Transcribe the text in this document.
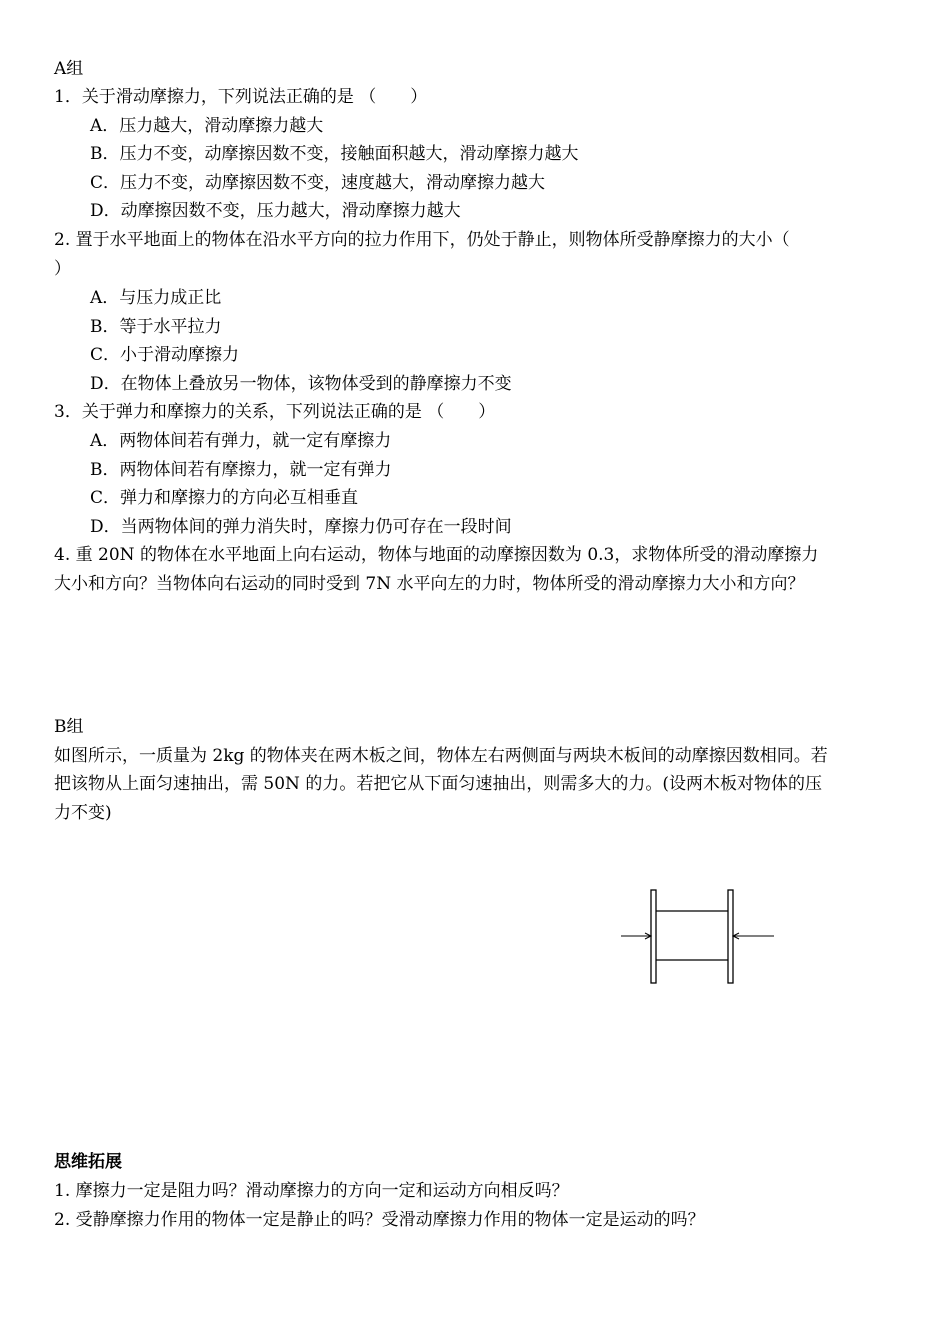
A组
1．关于滑动摩擦力，下列说法正确的是 （　　）
A．压力越大，滑动摩擦力越大
B．压力不变，动摩擦因数不变，接触面积越大，滑动摩擦力越大
C．压力不变，动摩擦因数不变，速度越大，滑动摩擦力越大
D．动摩擦因数不变，压力越大，滑动摩擦力越大
2. 置于水平地面上的物体在沿水平方向的拉力作用下，仍处于静止，则物体所受静摩擦力的大小（
）
A．与压力成正比
B．等于水平拉力
C．小于滑动摩擦力
D．在物体上叠放另一物体，该物体受到的静摩擦力不变
3．关于弹力和摩擦力的关系，下列说法正确的是 （　　）
A．两物体间若有弹力，就一定有摩擦力
B．两物体间若有摩擦力，就一定有弹力
C．弹力和摩擦力的方向必互相垂直
D．当两物体间的弹力消失时，摩擦力仍可存在一段时间
4. 重 20N 的物体在水平地面上向右运动，物体与地面的动摩擦因数为 0.3，求物体所受的滑动摩擦力
大小和方向？当物体向右运动的同时受到 7N 水平向左的力时，物体所受的滑动摩擦力大小和方向？
B组
如图所示，一质量为 2kg 的物体夹在两木板之间，物体左右两侧面与两块木板间的动摩擦因数相同。若
把该物从上面匀速抽出，需 50N 的力。若把它从下面匀速抽出，则需多大的力。(设两木板对物体的压
力不变)
思维拓展
1. 摩擦力一定是阻力吗？滑动摩擦力的方向一定和运动方向相反吗？
2. 受静摩擦力作用的物体一定是静止的吗？受滑动摩擦力作用的物体一定是运动的吗？
